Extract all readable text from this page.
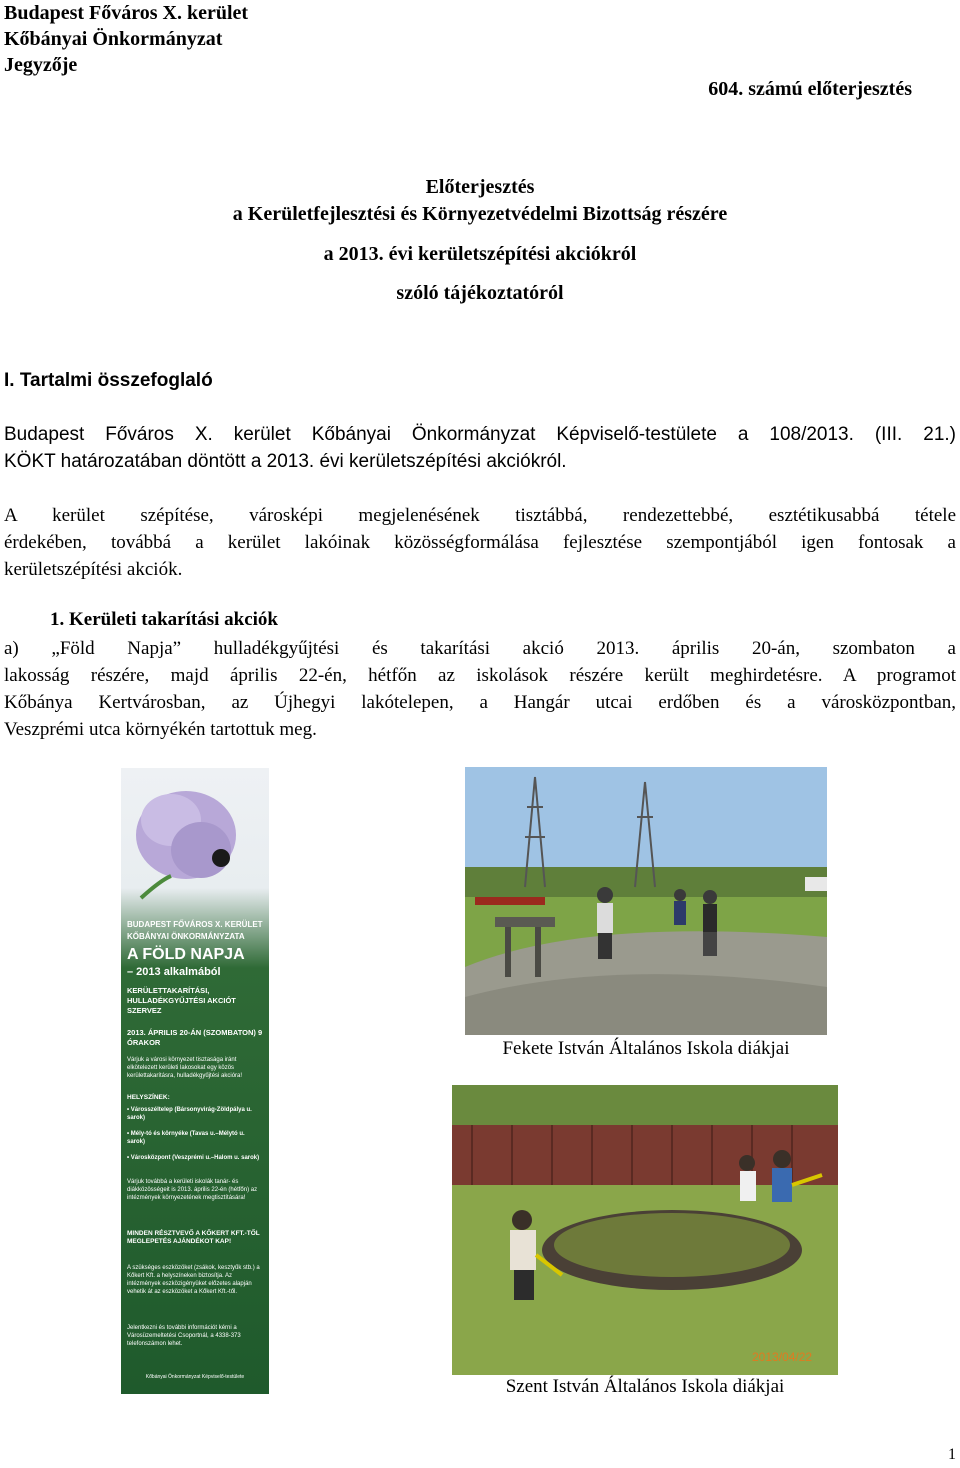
Budapest Főváros X. kerület
Kőbányai Önkormányzat
Jegyzője
604. számú előterjesztés
Előterjesztés
a Kerületfejlesztési és Környezetvédelmi Bizottság részére
a 2013. évi kerületszépítési akciókról
szóló tájékoztatóról
I. Tartalmi összefoglaló
Budapest Főváros X. kerület Kőbányai Önkormányzat Képviselő-testülete a 108/2013. (III. 21.)
KÖKT határozatában döntött a 2013. évi kerületszépítési akciókról.
A kerület szépítése, városképi megjelenésének tisztábbá, rendezettebbé, esztétikusabbá tétele
érdekében, továbbá a kerület lakóinak közösségformálása fejlesztése szempontjából igen fontosak a
kerületszépítési akciók.
1. Kerületi takarítási akciók
a) „Föld Napja” hulladékgyűjtési és takarítási akció 2013. április 20-án, szombaton a
lakosság részére, majd április 22-én, hétfőn az iskolások részére került meghirdetésre. A programot
Kőbánya Kertvárosban, az Újhegyi lakótelepen, a Hangár utcai erdőben és a városközpontban,
Veszprémi utca környékén tartottuk meg.
BUDAPEST FŐVÁROS X. KERÜLET
KŐBÁNYAI ÖNKORMÁNYZATA
A FÖLD NAPJA
– 2013 alkalmából
KERÜLETTAKARÍTÁSI, HULLADÉKGYŰJTÉSI AKCIÓT SZERVEZ
2013. ÁPRILIS 20-ÁN (SZOMBATON) 9 ÓRAKOR
Várjuk a városi környezet tisztasága iránt elkötelezett kerületi lakosokat egy közös kerülettakarításra, hulladékgyűjtési akcióra!
HELYSZÍNEK:
• Városszéltelep (Bársonyvirág-Zöldpálya u. sarok)
• Mély-tó és környéke (Tavas u.–Mélytó u. sarok)
• Városközpont (Veszprémi u.–Halom u. sarok)
Várjuk továbbá a kerületi iskolák tanár- és diákközösségeit is 2013. április 22-én (hétfőn) az intézmények környezetének megtisztítására!
MINDEN RÉSZTVEVŐ A KŐKERT KFT.-TŐL MEGLEPETÉS AJÁNDÉKOT KAP!
A szükséges eszközöket (zsákok, kesztyűk stb.) a Kőkert Kft. a helyszíneken biztosítja. Az intézmények eszközigényüket előzetes alapján vehetik át az eszközöket a Kőkert Kft.-től.
Jelentkezni és további információt kérni a Városüzemeltetési Csoportnál, a 4338-373 telefonszámon lehet.
Kőbányai Önkormányzat Képviselő-testülete
Fekete István Általános Iskola diákjai
2013/04/22
Szent István Általános Iskola diákjai
1
